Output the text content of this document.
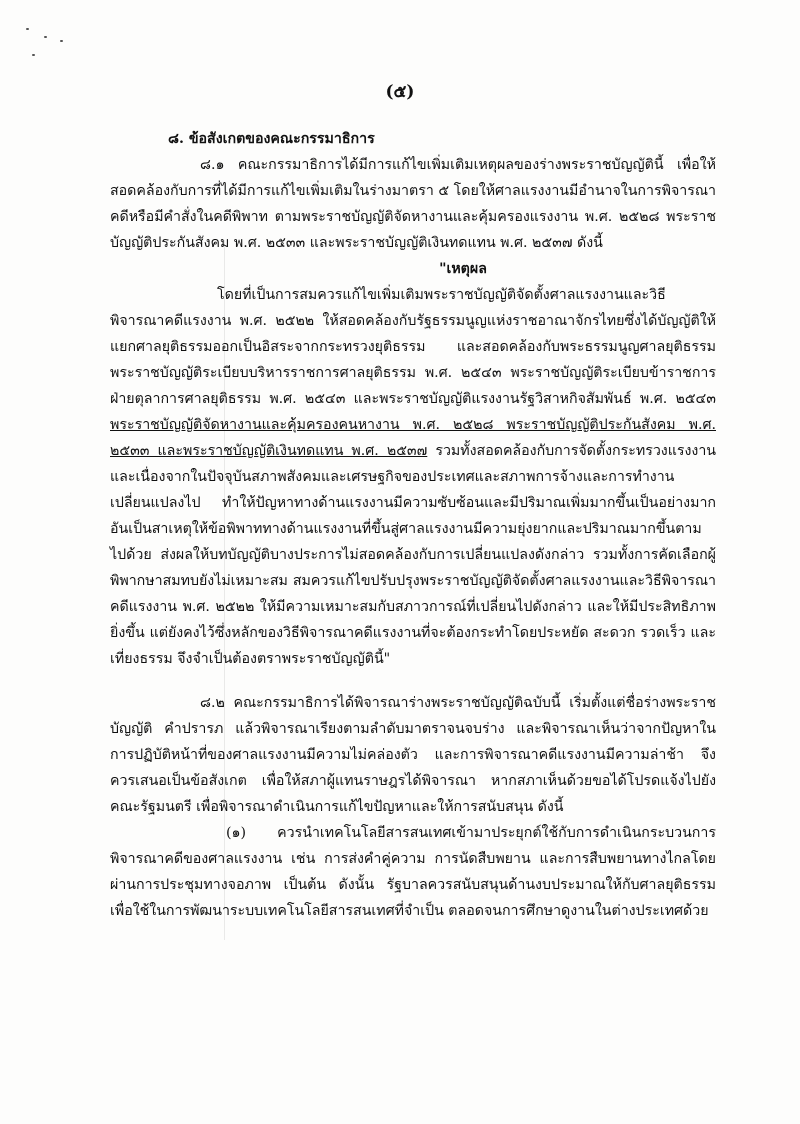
(๕)
๘. ข้อสังเกตของคณะกรรมาธิการ

๘.๑ คณะกรรมาธิการได้มีการแก้ไขเพิ่มเติมเหตุผลของร่างพระราชบัญญัตินี้ เพื่อให้สอดคล้องกับการที่ได้มีการแก้ไขเพิ่มเติมในร่างมาตรา ๕ โดยให้ศาลแรงงานมีอำนาจในการพิจารณาคดีหรือมีคำสั่งในคดีพิพาท ตามพระราชบัญญัติจัดหางานและคุ้มครองแรงงาน พ.ศ. ๒๕๒๘ พระราชบัญญัติประกันสังคม พ.ศ. ๒๕๓๓ และพระราชบัญญัติเงินทดแทน พ.ศ. ๒๕๓๗ ดังนี้

"เหตุผล

โดยที่เป็นการสมควรแก้ไขเพิ่มเติมพระราชบัญญัติจัดตั้งศาลแรงงานและวิธีพิจารณาคดีแรงงาน พ.ศ. ๒๕๒๒ ให้สอดคล้องกับรัฐธรรมนูญแห่งราชอาณาจักรไทยซึ่งได้บัญญัติให้แยกศาลยุติธรรมออกเป็นอิสระจากกระทรวงยุติธรรม และสอดคล้องกับพระธรรมนูญศาลยุติธรรม พระราชบัญญัติระเบียบบริหารราชการศาลยุติธรรม พ.ศ. ๒๕๔๓ พระราชบัญญัติระเบียบข้าราชการฝ่ายตุลาการศาลยุติธรรม พ.ศ. ๒๕๔๓ และพระราชบัญญัติแรงงานรัฐวิสาหกิจสัมพันธ์ พ.ศ. ๒๕๔๓ พระราชบัญญัติจัดหางานและคุ้มครองคนหางาน พ.ศ. ๒๕๒๘ พระราชบัญญัติประกันสังคม พ.ศ. ๒๕๓๓ และพระราชบัญญัติเงินทดแทน พ.ศ. ๒๕๓๗ รวมทั้งสอดคล้องกับการจัดตั้งกระทรวงแรงงาน และเนื่องจากในปัจจุบันสภาพสังคมและเศรษฐกิจของประเทศและสภาพการจ้างและการทำงานเปลี่ยนแปลงไป ทำให้ปัญหาทางด้านแรงงานมีความซับซ้อนและมีปริมาณเพิ่มมากขึ้นเป็นอย่างมาก อันเป็นสาเหตุให้ข้อพิพาททางด้านแรงงานที่ขึ้นสู่ศาลแรงงานมีความยุ่งยากและปริมาณมากขึ้นตามไปด้วย ส่งผลให้บทบัญญัติบางประการไม่สอดคล้องกับการเปลี่ยนแปลงดังกล่าว รวมทั้งการคัดเลือกผู้พิพากษาสมทบยังไม่เหมาะสม สมควรแก้ไขปรับปรุงพระราชบัญญัติจัดตั้งศาลแรงงานและวิธีพิจารณาคดีแรงงาน พ.ศ. ๒๕๒๒ ให้มีความเหมาะสมกับสภาวการณ์ที่เปลี่ยนไปดังกล่าว และให้มีประสิทธิภาพยิ่งขึ้น แต่ยังคงไว้ซึ่งหลักของวิธีพิจารณาคดีแรงงานที่จะต้องกระทำโดยประหยัด สะดวก รวดเร็ว และเที่ยงธรรม จึงจำเป็นต้องตราพระราชบัญญัตินี้"

๘.๒ คณะกรรมาธิการได้พิจารณาร่างพระราชบัญญัติฉบับนี้ เริ่มตั้งแต่ชื่อร่างพระราชบัญญัติ คำปรารภ แล้วพิจารณาเรียงตามลำดับมาตราจนจบร่าง และพิจารณาเห็นว่าจากปัญหาในการปฏิบัติหน้าที่ของศาลแรงงานมีความไม่คล่องตัว และการพิจารณาคดีแรงงานมีความล่าช้า จึงควรเสนอเป็นข้อสังเกต เพื่อให้สภาผู้แทนราษฎรได้พิจารณา หากสภาเห็นด้วยขอได้โปรดแจ้งไปยังคณะรัฐมนตรี เพื่อพิจารณาดำเนินการแก้ไขปัญหาและให้การสนับสนุน ดังนี้

(๑) ควรนำเทคโนโลยีสารสนเทศเข้ามาประยุกต์ใช้กับการดำเนินกระบวนการพิจารณาคดีของศาลแรงงาน เช่น การส่งคำคู่ความ การนัดสืบพยาน และการสืบพยานทางไกลโดยผ่านการประชุมทางจอภาพ เป็นต้น ดังนั้น รัฐบาลควรสนับสนุนด้านงบประมาณให้กับศาลยุติธรรม เพื่อใช้ในการพัฒนาระบบเทคโนโลยีสารสนเทศที่จำเป็น ตลอดจนการศึกษาดูงานในต่างประเทศด้วย
